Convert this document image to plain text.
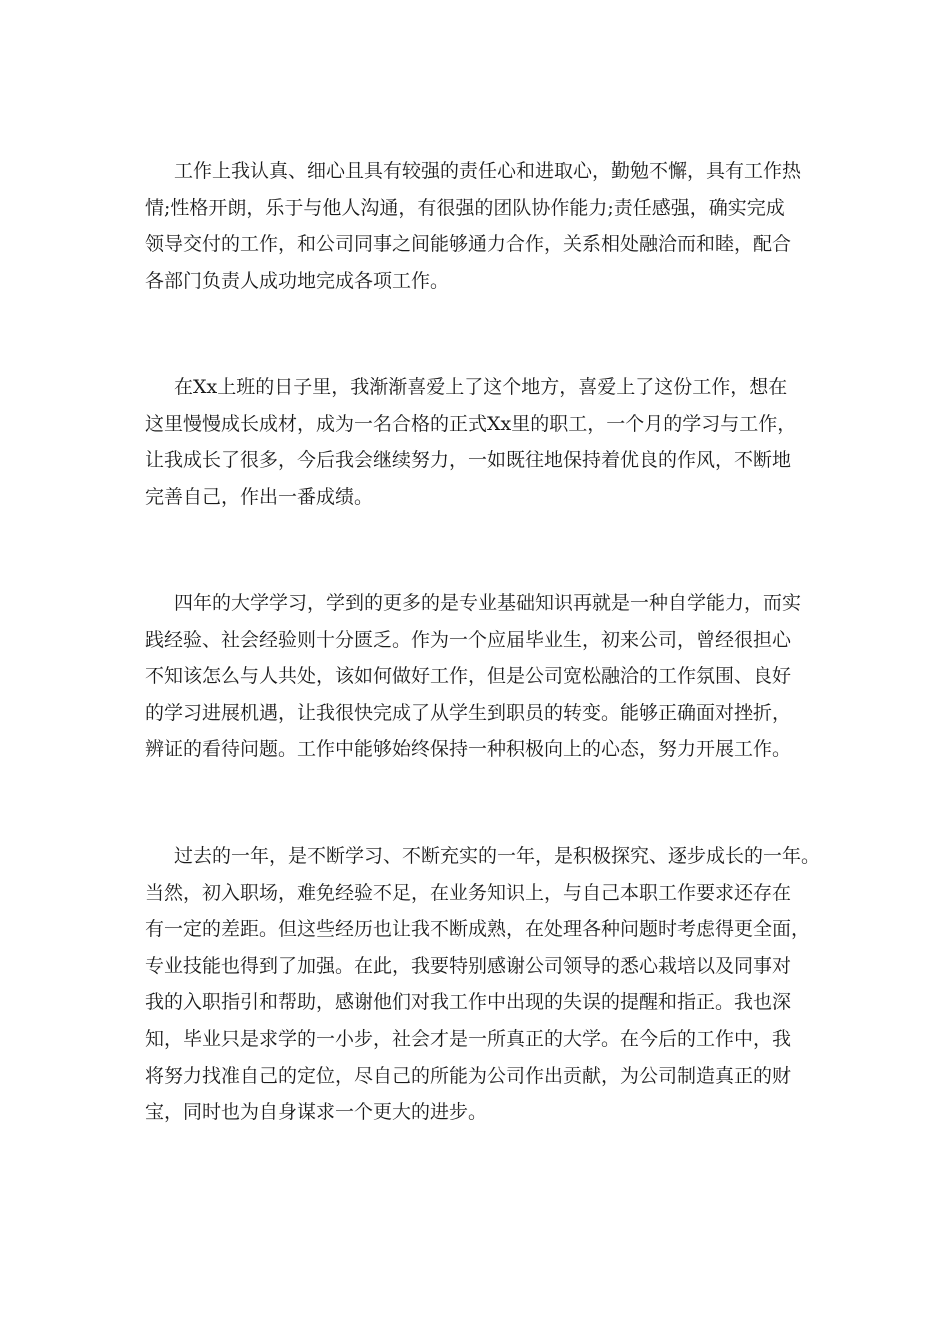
工作上我认真、细心且具有较强的责任心和进取心，勤勉不懈，具有工作热
情;性格开朗，乐于与他人沟通，有很强的团队协作能力;责任感强，确实完成
领导交付的工作，和公司同事之间能够通力合作，关系相处融洽而和睦，配合
各部门负责人成功地完成各项工作。
在Xx上班的日子里，我渐渐喜爱上了这个地方，喜爱上了这份工作，想在
这里慢慢成长成材，成为一名合格的正式Xx里的职工，一个月的学习与工作，
让我成长了很多，今后我会继续努力，一如既往地保持着优良的作风，不断地
完善自己，作出一番成绩。
四年的大学学习，学到的更多的是专业基础知识再就是一种自学能力，而实
践经验、社会经验则十分匮乏。作为一个应届毕业生，初来公司，曾经很担心
不知该怎么与人共处，该如何做好工作，但是公司宽松融洽的工作氛围、良好
的学习进展机遇，让我很快完成了从学生到职员的转变。能够正确面对挫折，
辨证的看待问题。工作中能够始终保持一种积极向上的心态，努力开展工作。
过去的一年，是不断学习、不断充实的一年，是积极探究、逐步成长的一年。
当然，初入职场，难免经验不足，在业务知识上，与自己本职工作要求还存在
有一定的差距。但这些经历也让我不断成熟，在处理各种问题时考虑得更全面，
专业技能也得到了加强。在此，我要特别感谢公司领导的悉心栽培以及同事对
我的入职指引和帮助，感谢他们对我工作中出现的失误的提醒和指正。我也深
知，毕业只是求学的一小步，社会才是一所真正的大学。在今后的工作中，我
将努力找准自己的定位，尽自己的所能为公司作出贡献，为公司制造真正的财
宝，同时也为自身谋求一个更大的进步。
